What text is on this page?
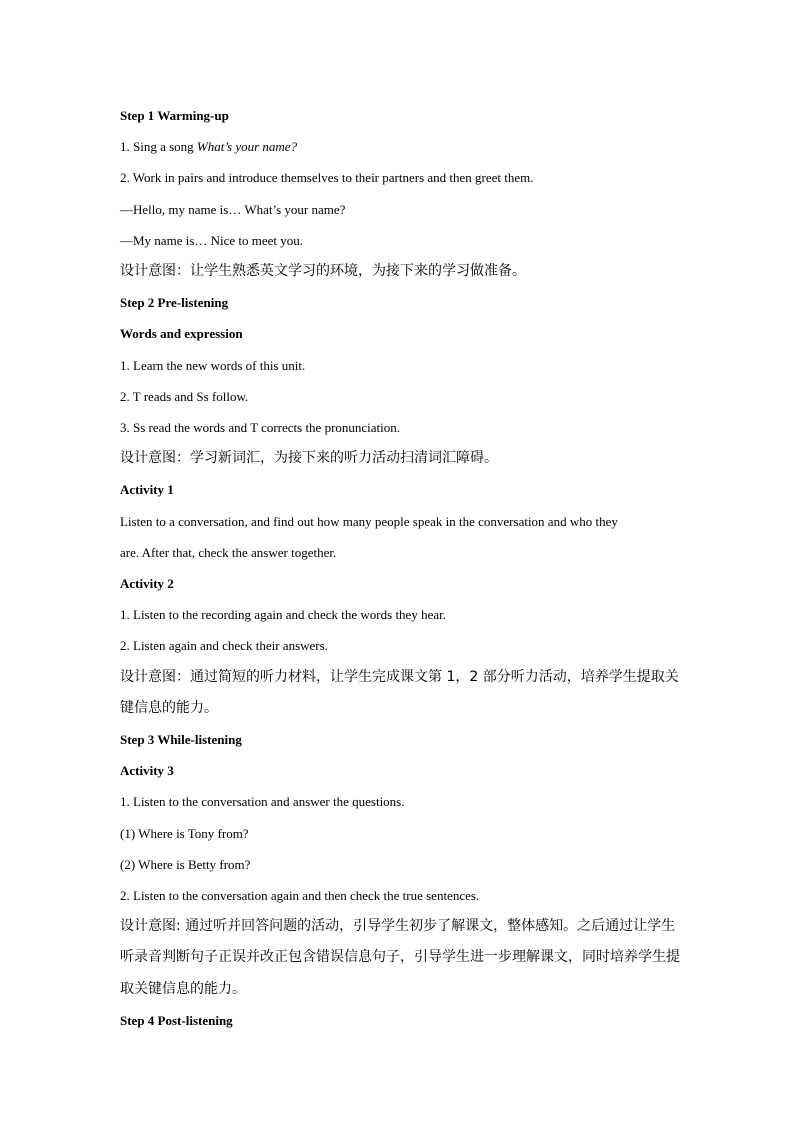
Step 1 Warming-up
1. Sing a song What’s your name?
2. Work in pairs and introduce themselves to their partners and then greet them.
—Hello, my name is… What’s your name?
—My name is… Nice to meet you.
设计意图：让学生熟悉英文学习的环境，为接下来的学习做准备。
Step 2 Pre-listening
Words and expression
1. Learn the new words of this unit.
2. T reads and Ss follow.
3. Ss read the words and T corrects the pronunciation.
设计意图：学习新词汇，为接下来的听力活动扫清词汇障碍。
Activity 1
Listen to a conversation, and find out how many people speak in the conversation and who they
are. After that, check the answer together.
Activity 2
1. Listen to the recording again and check the words they hear.
2. Listen again and check their answers.
设计意图：通过简短的听力材料，让学生完成课文第 1，2 部分听力活动，培养学生提取关
键信息的能力。
Step 3 While-listening
Activity 3
1. Listen to the conversation and answer the questions.
(1) Where is Tony from?
(2) Where is Betty from?
2. Listen to the conversation again and then check the true sentences.
设计意图: 通过听并回答问题的活动，引导学生初步了解课文，整体感知。之后通过让学生
听录音判断句子正误并改正包含错误信息句子，引导学生进一步理解课文，同时培养学生提
取关键信息的能力。
Step 4 Post-listening
